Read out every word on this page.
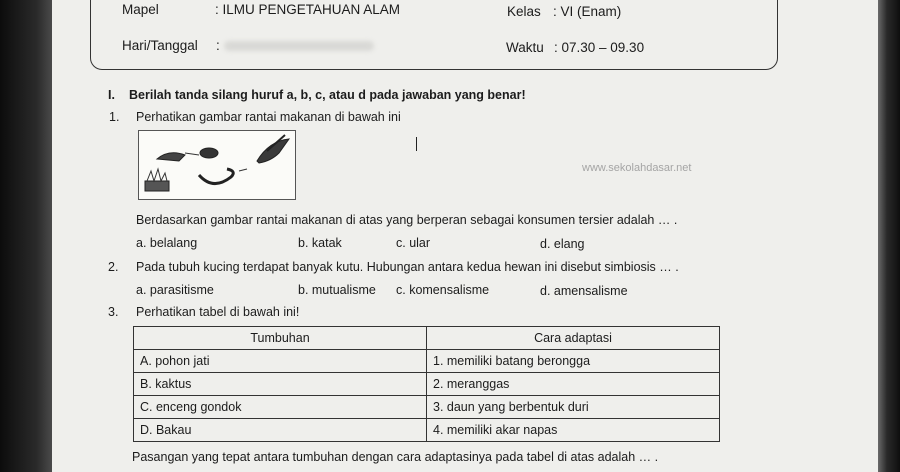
Mapel	: ILMU PENGETAHUAN ALAM	Kelas : VI (Enam)
Hari/Tanggal :	Waktu : 07.30 – 09.30
I. Berilah tanda silang huruf a, b, c, atau d pada jawaban yang benar!
1. Perhatikan gambar rantai makanan di bawah ini
www.sekolahdasar.net
Berdasarkan gambar rantai makanan di atas yang berperan sebagai konsumen tersier adalah … .
a. belalang	b. katak	c. ular	d. elang
2. Pada tubuh kucing terdapat banyak kutu. Hubungan antara kedua hewan ini disebut simbiosis … .
a. parasitisme	b. mutualisme c. komensalisme	d. amensalisme
3. Perhatikan tabel di bawah ini!
Tumbuhan	Cara adaptasi
A. pohon jati	1. memiliki batang berongga
B. kaktus	2. meranggas
C. enceng gondok	3. daun yang berbentuk duri
D. Bakau	4. memiliki akar napas
Pasangan yang tepat antara tumbuhan dengan cara adaptasinya pada tabel di atas adalah … .
